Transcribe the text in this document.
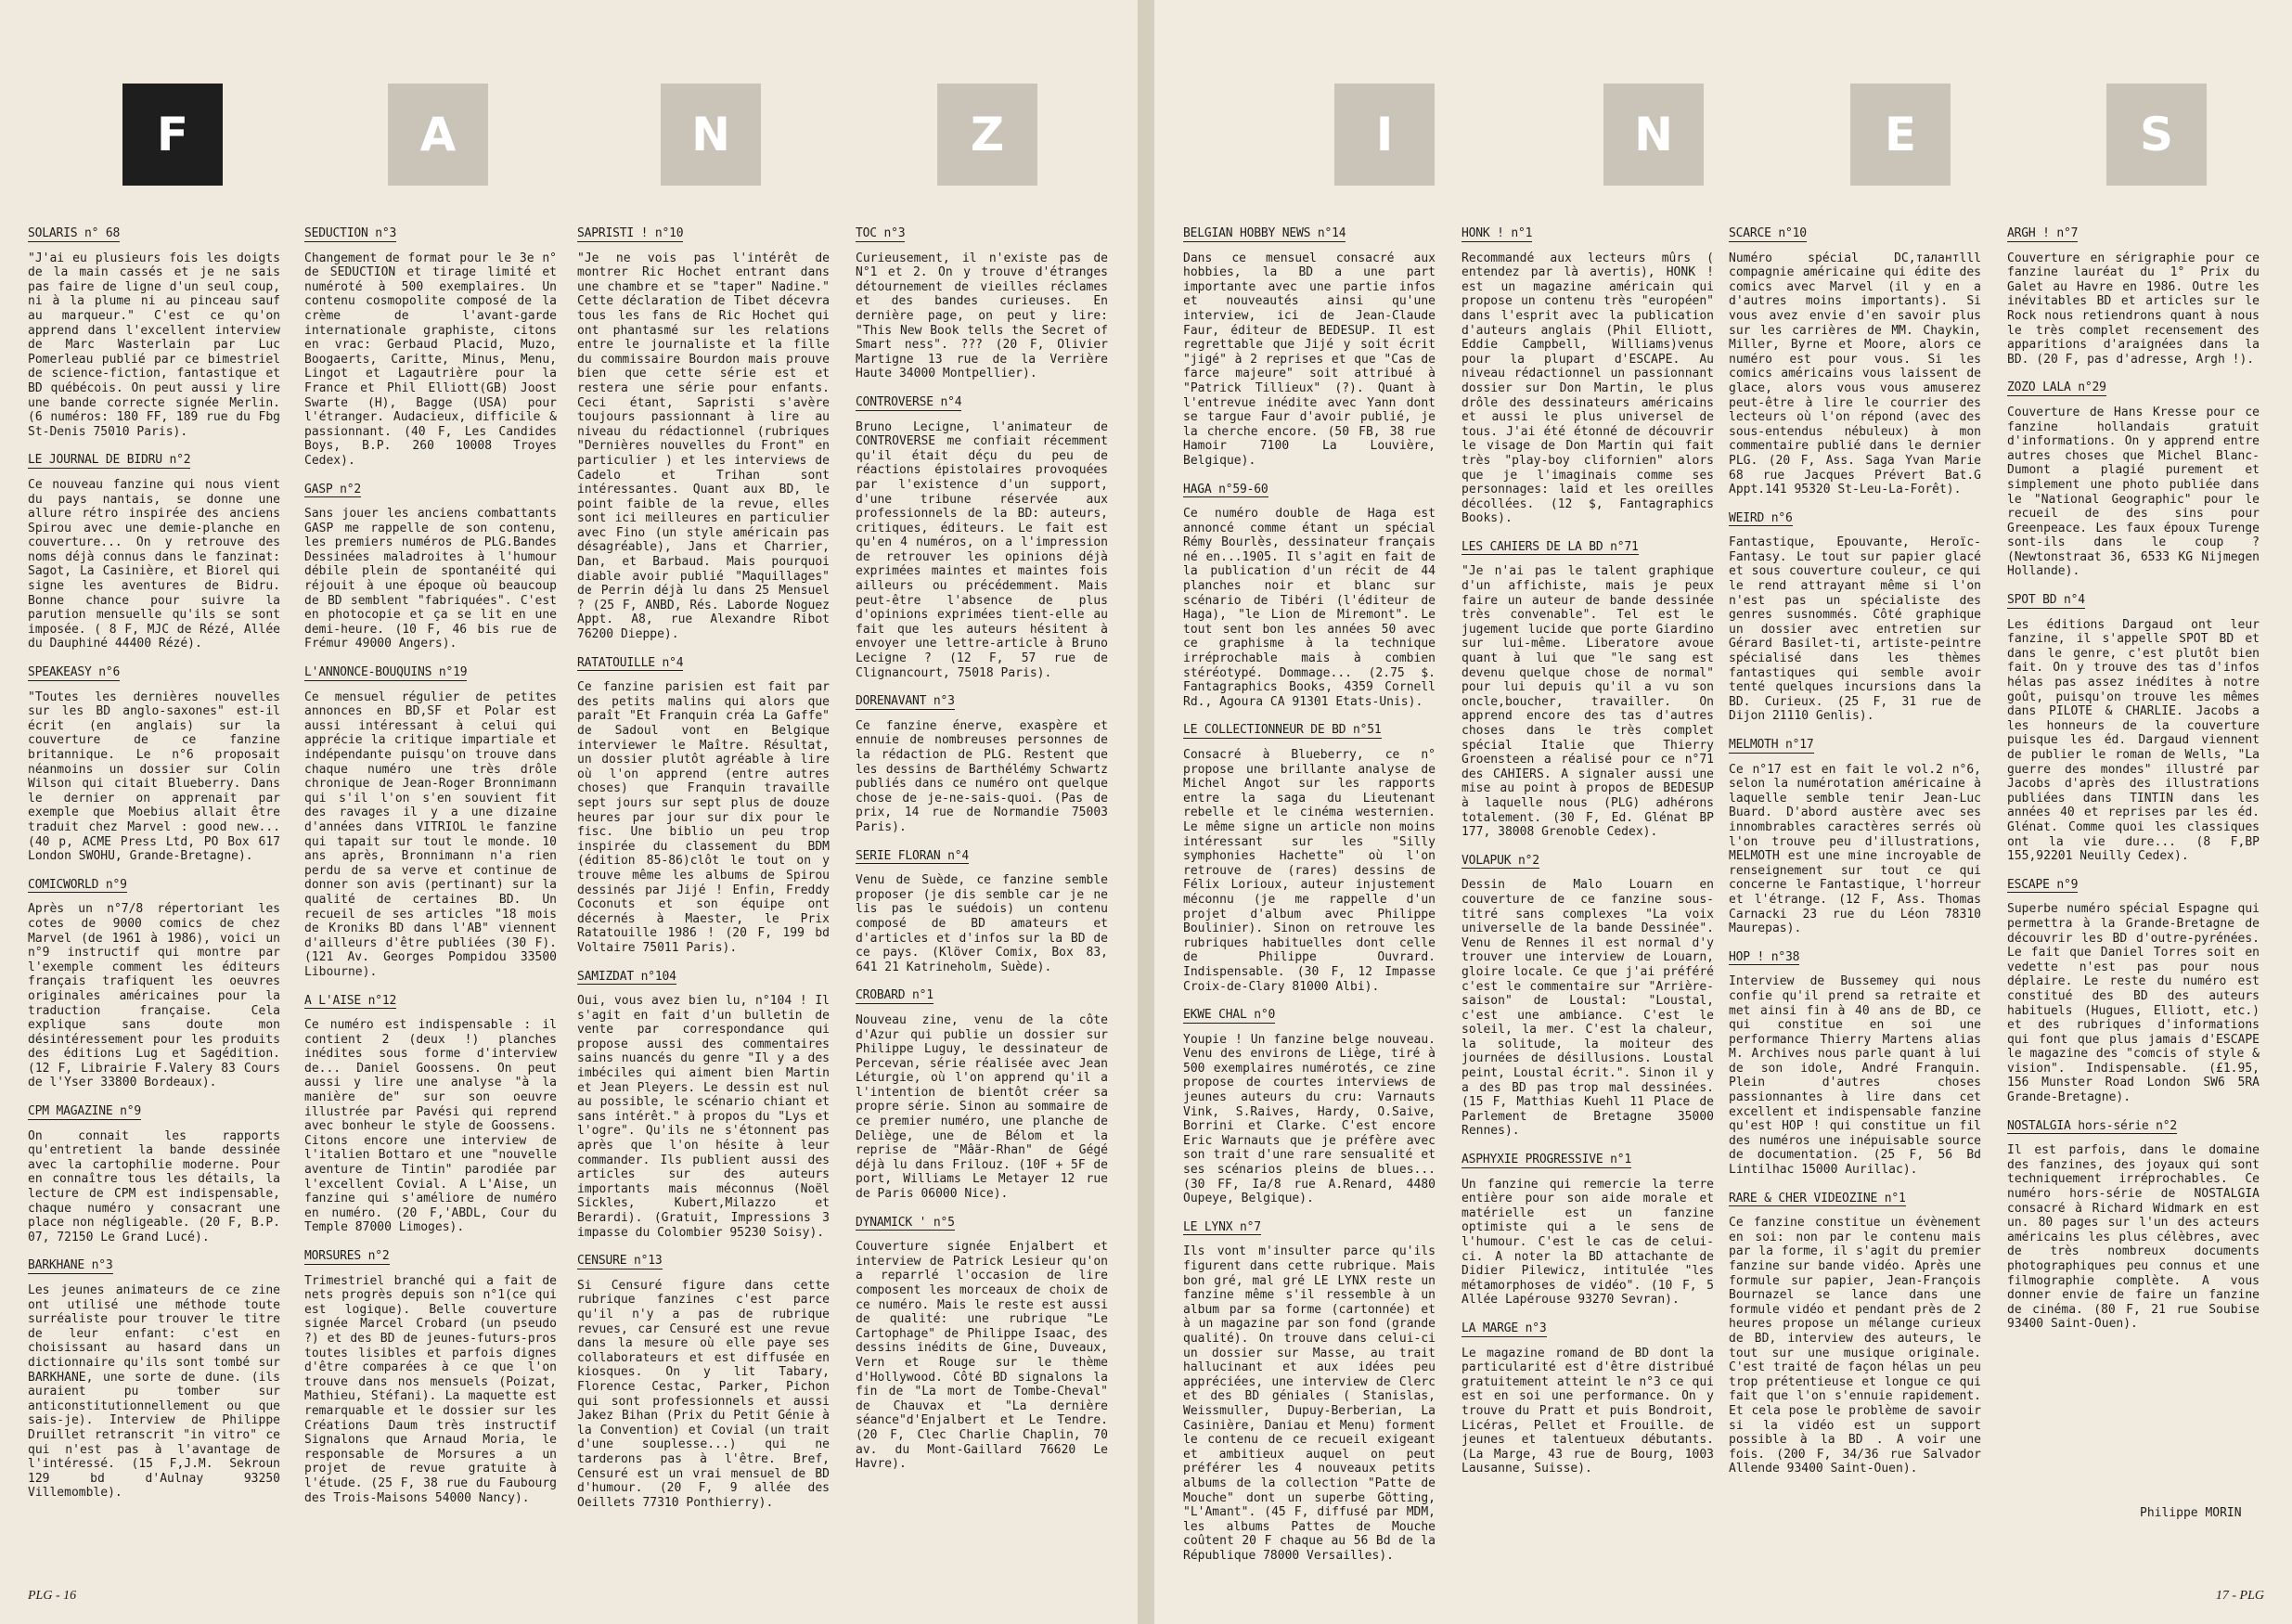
F	A	N	Z	I	N	E	S
SOLARIS n° 68
"J'ai eu plusieurs fois les doigts de la main cassés et je ne sais pas faire de ligne d'un seul coup, ni à la plume ni au pinceau sauf au marqueur." C'est ce qu'on apprend dans l'excellent interview de Marc Wasterlain par Luc Pomerleau publié par ce bimestriel de science-fiction, fantastique et BD québécois. On peut aussi y lire une bande correcte signée Merlin. (6 numéros: 180 FF, 189 rue du Fbg St-Denis 75010 Paris).
LE JOURNAL DE BIDRU n°2
Ce nouveau fanzine qui nous vient du pays nantais, se donne une allure rétro inspirée des anciens Spirou avec une demie-planche en couverture... On y retrouve des noms déjà connus dans le fanzinat: Sagot, La Casinière, et Biorel qui signe les aventures de Bidru. Bonne chance pour suivre la parution mensuelle qu'ils se sont imposée. ( 8 F, MJC de Rézé, Allée du Dauphiné 44400 Rézé).
SPEAKEASY n°6
"Toutes les dernières nouvelles sur les BD anglo-saxones" est-il écrit (en anglais) sur la couverture de ce fanzine britannique. Le n°6 proposait néanmoins un dossier sur Colin Wilson qui citait Blueberry. Dans le dernier on apprenait par exemple que Moebius allait être traduit chez Marvel : good new... (40 p, ACME Press Ltd, PO Box 617 London SWOHU, Grande-Bretagne).
COMICWORLD n°9
Après un n°7/8 répertoriant les cotes de 9000 comics de chez Marvel (de 1961 à 1986), voici un n°9 instructif qui montre par l'exemple comment les éditeurs français trafiquent les oeuvres originales américaines pour la traduction française. Cela explique sans doute mon désintéressement pour les produits des éditions Lug et Sagédition. (12 F, Librairie F.Valery 83 Cours de l'Yser 33800 Bordeaux).
CPM MAGAZINE n°9
On connait les rapports qu'entretient la bande dessinée avec la cartophilie moderne. Pour en connaître tous les détails, la lecture de CPM est indispensable, chaque numéro y consacrant une place non négligeable. (20 F, B.P. 07, 72150 Le Grand Lucé).
BARKHANE n°3
Les jeunes animateurs de ce zine ont utilisé une méthode toute surréaliste pour trouver le titre de leur enfant: c'est en choisissant au hasard dans un dictionnaire qu'ils sont tombé sur BARKHANE, une sorte de dune. (ils auraient pu tomber sur anticonstitutionnellement ou que sais-je). Interview de Philippe Druillet retranscrit "in vitro" ce qui n'est pas à l'avantage de l'intéressé. (15 F,J.M. Sekroun 129 bd d'Aulnay 93250 Villemomble).
SEDUCTION n°3
Changement de format pour le 3e n° de SEDUCTION et tirage limité et numéroté à 500 exemplaires. Un contenu cosmopolite composé de la crème de l'avant-garde internationale graphiste, citons en vrac: Gerbaud Placid, Muzo, Boogaerts, Caritte, Minus, Menu, Lingot et Lagautrière pour la France et Phil Elliott(GB) Joost Swarte (H), Bagge (USA) pour l'étranger. Audacieux, difficile & passionnant. (40 F, Les Candides Boys, B.P. 260 10008 Troyes Cedex).
GASP n°2
Sans jouer les anciens combattants GASP me rappelle de son contenu, les premiers numéros de PLG.Bandes Dessinées maladroites à l'humour débile plein de spontanéité qui réjouit à une époque où beaucoup de BD semblent "fabriquées". C'est en photocopie et ça se lit en une demi-heure. (10 F, 46 bis rue de Frémur 49000 Angers).
L'ANNONCE-BOUQUINS n°19
Ce mensuel régulier de petites annonces en BD,SF et Polar est aussi intéressant à celui qui apprécie la critique impartiale et indépendante puisqu'on trouve dans chaque numéro une très drôle chronique de Jean-Roger Bronnimann qui s'il l'on s'en souvient fit des ravages il y a une dizaine d'années dans VITRIOL le fanzine qui tapait sur tout le monde. 10 ans après, Bronnimann n'a rien perdu de sa verve et continue de donner son avis (pertinant) sur la qualité de certaines BD. Un recueil de ses articles "18 mois de Kroniks BD dans l'AB" viennent d'ailleurs d'être publiées (30 F). (121 Av. Georges Pompidou 33500 Libourne).
A L'AISE n°12
Ce numéro est indispensable : il contient 2 (deux !) planches inédites sous forme d'interview de... Daniel Goossens. On peut aussi y lire une analyse "à la manière de" sur son oeuvre illustrée par Pavési qui reprend avec bonheur le style de Goossens. Citons encore une interview de l'italien Bottaro et une "nouvelle aventure de Tintin" parodiée par l'excellent Covial. A L'Aise, un fanzine qui s'améliore de numéro en numéro. (20 F,'ABDL, Cour du Temple 87000 Limoges).
MORSURES n°2
Trimestriel branché qui a fait de nets progrès depuis son n°1(ce qui est logique). Belle couverture signée Marcel Crobard (un pseudo ?) et des BD de jeunes-futurs-pros toutes lisibles et parfois dignes d'être comparées à ce que l'on trouve dans nos mensuels (Poizat, Mathieu, Stéfani). La maquette est remarquable et le dossier sur les Créations Daum très instructif Signalons que Arnaud Moria, le responsable de Morsures a un projet de revue gratuite à l'étude. (25 F, 38 rue du Faubourg des Trois-Maisons 54000 Nancy).
SAPRISTI ! n°10
"Je ne vois pas l'intérêt de montrer Ric Hochet entrant dans une chambre et se "taper" Nadine." Cette déclaration de Tibet décevra tous les fans de Ric Hochet qui ont phantasmé sur les relations entre le journaliste et la fille du commissaire Bourdon mais prouve bien que cette série est et restera une série pour enfants. Ceci étant, Sapristi s'avère toujours passionnant à lire au niveau du rédactionnel (rubriques "Dernières nouvelles du Front" en particulier ) et les interviews de Cadelo et Trihan sont intéressantes. Quant aux BD, le point faible de la revue, elles sont ici meilleures en particulier avec Fino (un style américain pas désagréable), Jans et Charrier, Dan, et Barbaud. Mais pourquoi diable avoir publié "Maquillages" de Perrin déjà lu dans 25 Mensuel ? (25 F, ANBD, Rés. Laborde Noguez Appt. A8, rue Alexandre Ribot 76200 Dieppe).
RATATOUILLE n°4
Ce fanzine parisien est fait par des petits malins qui alors que paraît "Et Franquin créa La Gaffe" de Sadoul vont en Belgique interviewer le Maître. Résultat, un dossier plutôt agréable à lire où l'on apprend (entre autres choses) que Franquin travaille sept jours sur sept plus de douze heures par jour sur dix pour le fisc. Une biblio un peu trop inspirée du classement du BDM (édition 85-86)clôt le tout on y trouve même les albums de Spirou dessinés par Jijé ! Enfin, Freddy Coconuts et son équipe ont décernés à Maester, le Prix Ratatouille 1986 ! (20 F, 199 bd Voltaire 75011 Paris).
SAMIZDAT n°104
Oui, vous avez bien lu, n°104 ! Il s'agit en fait d'un bulletin de vente par correspondance qui propose aussi des commentaires sains nuancés du genre "Il y a des imbéciles qui aiment bien Martin et Jean Pleyers. Le dessin est nul au possible, le scénario chiant et sans intérêt." à propos du "Lys et l'ogre". Qu'ils ne s'étonnent pas après que l'on hésite à leur commander. Ils publient aussi des articles sur des auteurs importants mais méconnus (Noël Sickles, Kubert,Milazzo et Berardi). (Gratuit, Impressions 3 impasse du Colombier 95230 Soisy).
CENSURE n°13
Si Censuré figure dans cette rubrique fanzines c'est parce qu'il n'y a pas de rubrique revues, car Censuré est une revue dans la mesure où elle paye ses collaborateurs et est diffusée en kiosques. On y lit Tabary, Florence Cestac, Parker, Pichon qui sont professionnels et aussi Jakez Bihan (Prix du Petit Génie à la Convention) et Covial (un trait d'une souplesse...) qui ne tarderons pas à l'être. Bref, Censuré est un vrai mensuel de BD d'humour. (20 F, 9 allée des Oeillets 77310 Ponthierry).
TOC n°3
Curieusement, il n'existe pas de N°1 et 2. On y trouve d'étranges détournement de vieilles réclames et des bandes curieuses. En dernière page, on peut y lire: "This New Book tells the Secret of Smart ness". ??? (20 F, Olivier Martigne 13 rue de la Verrière Haute 34000 Montpellier).
CONTROVERSE n°4
Bruno Lecigne, l'animateur de CONTROVERSE me confiait récemment qu'il était déçu du peu de réactions épistolaires provoquées par l'existence d'un support, d'une tribune réservée aux professionnels de la BD: auteurs, critiques, éditeurs. Le fait est qu'en 4 numéros, on a l'impression de retrouver les opinions déjà exprimées maintes et maintes fois ailleurs ou précédemment. Mais peut-être l'absence de plus d'opinions exprimées tient-elle au fait que les auteurs hésitent à envoyer une lettre-article à Bruno Lecigne ? (12 F, 57 rue de Clignancourt, 75018 Paris).
DORENAVANT n°3
Ce fanzine énerve, exaspère et ennuie de nombreuses personnes de la rédaction de PLG. Restent que les dessins de Barthélémy Schwartz publiés dans ce numéro ont quelque chose de je-ne-sais-quoi. (Pas de prix, 14 rue de Normandie 75003 Paris).
SERIE FLORAN n°4
Venu de Suède, ce fanzine semble proposer (je dis semble car je ne lis pas le suédois) un contenu composé de BD amateurs et d'articles et d'infos sur la BD de ce pays. (Klöver Comix, Box 83, 641 21 Katrineholm, Suède).
CROBARD n°1
Nouveau zine, venu de la côte d'Azur qui publie un dossier sur Philippe Luguy, le dessinateur de Percevan, série réalisée avec Jean Léturgie, où l'on apprend qu'il a l'intention de bientôt créer sa propre série. Sinon au sommaire de ce premier numéro, une planche de Deliège, une de Bélom et la reprise de "Mâär-Rhan" de Gégé déjà lu dans Frilouz. (10F + 5F de port, Williams Le Metayer 12 rue de Paris 06000 Nice).
DYNAMICK ' n°5
Couverture signée Enjalbert et interview de Patrick Lesieur qu'on a reparrlé l'occasion de lire composent les morceaux de choix de ce numéro. Mais le reste est aussi de qualité: une rubrique "Le Cartophage" de Philippe Isaac, des dessins inédits de Gine, Duveaux, Vern et Rouge sur le thème d'Hollywood. Côté BD signalons la fin de "La mort de Tombe-Cheval" de Chauvax et "La dernière séance"d'Enjalbert et Le Tendre. (20 F, Clec Charlie Chaplin, 70 av. du Mont-Gaillard 76620 Le Havre).
BELGIAN HOBBY NEWS n°14
Dans ce mensuel consacré aux hobbies, la BD a une part importante avec une partie infos et nouveautés ainsi qu'une interview, ici de Jean-Claude Faur, éditeur de BEDESUP. Il est regrettable que Jijé y soit écrit "jigé" à 2 reprises et que "Cas de farce majeure" soit attribué à "Patrick Tillieux" (?). Quant à l'entrevue inédite avec Yann dont se targue Faur d'avoir publié, je la cherche encore. (50 FB, 38 rue Hamoir 7100 La Louvière, Belgique).
HAGA n°59-60
Ce numéro double de Haga est annoncé comme étant un spécial Rémy Bourlès, dessinateur français né en...1905. Il s'agit en fait de la publication d'un récit de 44 planches noir et blanc sur scénario de Tibéri (l'éditeur de Haga), "le Lion de Miremont". Le tout sent bon les années 50 avec ce graphisme à la technique irréprochable mais à combien stéréotypé. Dommage... (2.75 $. Fantagraphics Books, 4359 Cornell Rd., Agoura CA 91301 Etats-Unis).
LE COLLECTIONNEUR DE BD n°51
Consacré à Blueberry, ce n° propose une brillante analyse de Michel Angot sur les rapports entre la saga du Lieutenant rebelle et le cinéma westernien. Le même signe un article non moins intéressant sur les "Silly symphonies Hachette" où l'on retrouve de (rares) dessins de Félix Lorioux, auteur injustement méconnu (je me rappelle d'un projet d'album avec Philippe Boulinier). Sinon on retrouve les rubriques habituelles dont celle de Philippe Ouvrard. Indispensable. (30 F, 12 Impasse Croix-de-Clary 81000 Albi).
EKWE CHAL n°0
Youpie ! Un fanzine belge nouveau. Venu des environs de Liège, tiré à 500 exemplaires numérotés, ce zine propose de courtes interviews de jeunes auteurs du cru: Varnauts Vink, S.Raives, Hardy, O.Saive, Borrini et Clarke. C'est encore Eric Warnauts que je préfère avec son trait d'une rare sensualité et ses scénarios pleins de blues... (30 FF, Ia/8 rue A.Renard, 4480 Oupeye, Belgique).
LE LYNX n°7
Ils vont m'insulter parce qu'ils figurent dans cette rubrique. Mais bon gré, mal gré LE LYNX reste un fanzine même s'il ressemble à un album par sa forme (cartonnée) et à un magazine par son fond (grande qualité). On trouve dans celui-ci un dossier sur Masse, au trait hallucinant et aux idées peu appréciées, une interview de Clerc et des BD géniales ( Stanislas, Weissmuller, Dupuy-Berberian, La Casinière, Daniau et Menu) forment le contenu de ce recueil exigeant et ambitieux auquel on peut préférer les 4 nouveaux petits albums de la collection "Patte de Mouche" dont un superbe Götting, "L'Amant". (45 F, diffusé par MDM, les albums Pattes de Mouche coûtent 20 F chaque au 56 Bd de la République 78000 Versailles).
HONK ! n°1
Recommandé aux lecteurs mûrs ( entendez par là avertis), HONK ! est un magazine américain qui propose un contenu très "européen" dans l'esprit avec la publication d'auteurs anglais (Phil Elliott, Eddie Campbell, Williams)venus pour la plupart d'ESCAPE. Au niveau rédactionnel un passionnant dossier sur Don Martin, le plus drôle des dessinateurs américains et aussi le plus universel de tous. J'ai été étonné de découvrir le visage de Don Martin qui fait très "play-boy clifornien" alors que je l'imaginais comme ses personnages: laid et les oreilles décollées. (12 $, Fantagraphics Books).
LES CAHIERS DE LA BD n°71
"Je n'ai pas le talent graphique d'un affichiste, mais je peux faire un auteur de bande dessinée très convenable". Tel est le jugement lucide que porte Giardino sur lui-même. Liberatore avoue quant à lui que "le sang est devenu quelque chose de normal" pour lui depuis qu'il a vu son oncle,boucher, travailler. On apprend encore des tas d'autres choses dans le très complet spécial Italie que Thierry Groensteen a réalisé pour ce n°71 des CAHIERS. A signaler aussi une mise au point à propos de BEDESUP à laquelle nous (PLG) adhérons totalement. (30 F, Ed. Glénat BP 177, 38008 Grenoble Cedex).
VOLAPUK n°2
Dessin de Malo Louarn en couverture de ce fanzine sous-titré sans complexes "La voix universelle de la bande Dessinée". Venu de Rennes il est normal d'y trouver une interview de Louarn, gloire locale. Ce que j'ai préféré c'est le commentaire sur "Arrière-saison" de Loustal: "Loustal, c'est une ambiance. C'est le soleil, la mer. C'est la chaleur, la solitude, la moiteur des journées de désillusions. Loustal peint, Loustal écrit.". Sinon il y a des BD pas trop mal dessinées. (15 F, Matthias Kuehl 11 Place de Parlement de Bretagne 35000 Rennes).
ASPHYXIE PROGRESSIVE n°1
Un fanzine qui remercie la terre entière pour son aide morale et matérielle est un fanzine optimiste qui a le sens de l'humour. C'est le cas de celui-ci. A noter la BD attachante de Didier Pilewicz, intitulée "les métamorphoses de vidéo". (10 F, 5 Allée Lapérouse 93270 Sevran).
LA MARGE n°3
Le magazine romand de BD dont la particularité est d'être distribué gratuitement atteint le n°3 ce qui est en soi une performance. On y trouve du Pratt et puis Bondroit, Licéras, Pellet et Frouille. de jeunes et talentueux débutants. (La Marge, 43 rue de Bourg, 1003 Lausanne, Suisse).
SCARCE n°10
Numéro spécial DC,талантlll compagnie américaine qui édite des comics avec Marvel (il y en a d'autres moins importants). Si vous avez envie d'en savoir plus sur les carrières de MM. Chaykin, Miller, Byrne et Moore, alors ce numéro est pour vous. Si les comics américains vous laissent de glace, alors vous vous amuserez peut-être à lire le courrier des lecteurs où l'on répond (avec des sous-entendus nébuleux) à mon commentaire publié dans le dernier PLG. (20 F, Ass. Saga Yvan Marie 68 rue Jacques Prévert Bat.G Appt.141 95320 St-Leu-La-Forêt).
WEIRD n°6
Fantastique, Epouvante, Heroïc-Fantasy. Le tout sur papier glacé et sous couverture couleur, ce qui le rend attrayant même si l'on n'est pas un spécialiste des genres susnommés. Côté graphique un dossier avec entretien sur Gérard Basilet-ti, artiste-peintre spécialisé dans les thèmes fantastiques qui semble avoir tenté quelques incursions dans la BD. Curieux. (25 F, 31 rue de Dijon 21110 Genlis).
MELMOTH n°17
Ce n°17 est en fait le vol.2 n°6, selon la numérotation américaine à laquelle semble tenir Jean-Luc Buard. D'abord austère avec ses innombrables caractères serrés où l'on trouve peu d'illustrations, MELMOTH est une mine incroyable de renseignement sur tout ce qui concerne le Fantastique, l'horreur et l'étrange. (12 F, Ass. Thomas Carnacki 23 rue du Léon 78310 Maurepas).
HOP ! n°38
Interview de Bussemey qui nous confie qu'il prend sa retraite et met ainsi fin à 40 ans de BD, ce qui constitue en soi une performance Thierry Martens alias M. Archives nous parle quant à lui de son idole, André Franquin. Plein d'autres choses passionnantes à lire dans cet excellent et indispensable fanzine qu'est HOP ! qui constitue un fil des numéros une inépuisable source de documentation. (25 F, 56 Bd Lintilhac 15000 Aurillac).
RARE & CHER VIDEOZINE n°1
Ce fanzine constitue un évènement en soi: non par le contenu mais par la forme, il s'agit du premier fanzine sur bande vidéo. Après une formule sur papier, Jean-François Bournazel se lance dans une formule vidéo et pendant près de 2 heures propose un mélange curieux de BD, interview des auteurs, le tout sur une musique originale. C'est traité de façon hélas un peu trop prétentieuse et longue ce qui fait que l'on s'ennuie rapidement. Et cela pose le problème de savoir si la vidéo est un support possible à la BD . A voir une fois. (200 F, 34/36 rue Salvador Allende 93400 Saint-Ouen).
ARGH ! n°7
Couverture en sérigraphie pour ce fanzine lauréat du 1° Prix du Galet au Havre en 1986. Outre les inévitables BD et articles sur le Rock nous retiendrons quant à nous le très complet recensement des apparitions d'araignées dans la BD. (20 F, pas d'adresse, Argh !).
ZOZO LALA n°29
Couverture de Hans Kresse pour ce fanzine hollandais gratuit d'informations. On y apprend entre autres choses que Michel Blanc-Dumont a plagié purement et simplement une photo publiée dans le "National Geographic" pour le recueil de des sins pour Greenpeace. Les faux époux Turenge sont-ils dans le coup ? (Newtonstraat 36, 6533 KG Nijmegen Hollande).
SPOT BD n°4
Les éditions Dargaud ont leur fanzine, il s'appelle SPOT BD et dans le genre, c'est plutôt bien fait. On y trouve des tas d'infos hélas pas assez inédites à notre goût, puisqu'on trouve les mêmes dans PILOTE & CHARLIE. Jacobs a les honneurs de la couverture puisque les éd. Dargaud viennent de publier le roman de Wells, "La guerre des mondes" illustré par Jacobs d'après des illustrations publiées dans TINTIN dans les années 40 et reprises par les éd. Glénat. Comme quoi les classiques ont la vie dure... (8 F,BP 155,92201 Neuilly Cedex).
ESCAPE n°9
Superbe numéro spécial Espagne qui permettra à la Grande-Bretagne de découvrir les BD d'outre-pyrénées. Le fait que Daniel Torres soit en vedette n'est pas pour nous déplaire. Le reste du numéro est constitué des BD des auteurs habituels (Hugues, Elliott, etc.) et des rubriques d'informations qui font que plus jamais d'ESCAPE le magazine des "comcis of style & vision". Indispensable. (£1.95, 156 Munster Road London SW6 5RA Grande-Bretagne).
NOSTALGIA hors-série n°2
Il est parfois, dans le domaine des fanzines, des joyaux qui sont techniquement irréprochables. Ce numéro hors-série de NOSTALGIA consacré à Richard Widmark en est un. 80 pages sur l'un des acteurs américains les plus célèbres, avec de très nombreux documents photographiques peu connus et une filmographie complète. A vous donner envie de faire un fanzine de cinéma. (80 F, 21 rue Soubise 93400 Saint-Ouen).
Philippe MORIN
PLG - 16	17 - PLG
